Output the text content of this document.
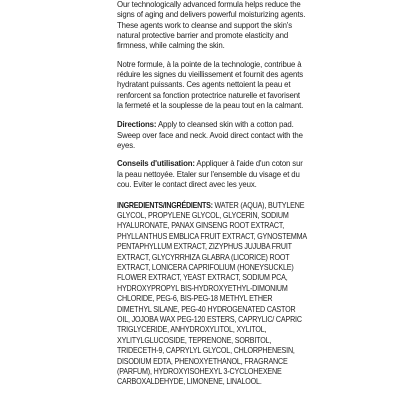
Our technologically advanced formula helps reduce the signs of aging and delivers powerful moisturizing agents. These agents work to cleanse and support the skin's natural protective barrier and promote elasticity and firmness, while calming the skin.

Notre formule, à la pointe de la technologie, contribue à réduire les signes du vieillissement et fournit des agents hydratant puissants. Ces agents nettoient la peau et renforcent sa fonction protectrice naturelle et favorisent la fermeté et la souplesse de la peau tout en la calmant.

Directions: Apply to cleansed skin with a cotton pad. Sweep over face and neck. Avoid direct contact with the eyes.

Conseils d'utilisation: Appliquer à l'aide d'un coton sur la peau nettoyée. Etaler sur l'ensemble du visage et du cou. Eviter le contact direct avec les yeux.

INGREDIENTS/INGRÉDIENTS: WATER (AQUA), BUTYLENE GLYCOL, PROPYLENE GLYCOL, GLYCERIN, SODIUM HYALURONATE, PANAX GINSENG ROOT EXTRACT, PHYLLANTHUS EMBLICA FRUIT EXTRACT, GYNOSTEMMA PENTAPHYLLUM EXTRACT, ZIZYPHUS JUJUBA FRUIT EXTRACT, GLYCYRRHIZA GLABRA (LICORICE) ROOT EXTRACT, LONICERA CAPRIFOLIUM (HONEYSUCKLE) FLOWER EXTRACT, YEAST EXTRACT, SODIUM PCA, HYDROXYPROPYL BIS-HYDROXYETHYL-DIMONIUM CHLORIDE, PEG-6, BIS-PEG-18 METHYL ETHER DIMETHYL SILANE, PEG-40 HYDROGENATED CASTOR OIL, JOJOBA WAX PEG-120 ESTERS, CAPRYLIC/ CAPRIC TRIGLYCERIDE, ANHYDROXYLITOL, XYLITOL, XYLITYLGLUCOSIDE, TEPRENONE, SORBITOL, TRIDECETH-9, CAPRYLYL GLYCOL, CHLORPHENESIN, DISODIUM EDTA, PHENOXYETHANOL, FRAGRANCE (PARFUM), HYDROXYISOHEXYL 3-CYCLOHEXENE CARBOXALDEHYDE, LIMONENE, LINALOOL.
